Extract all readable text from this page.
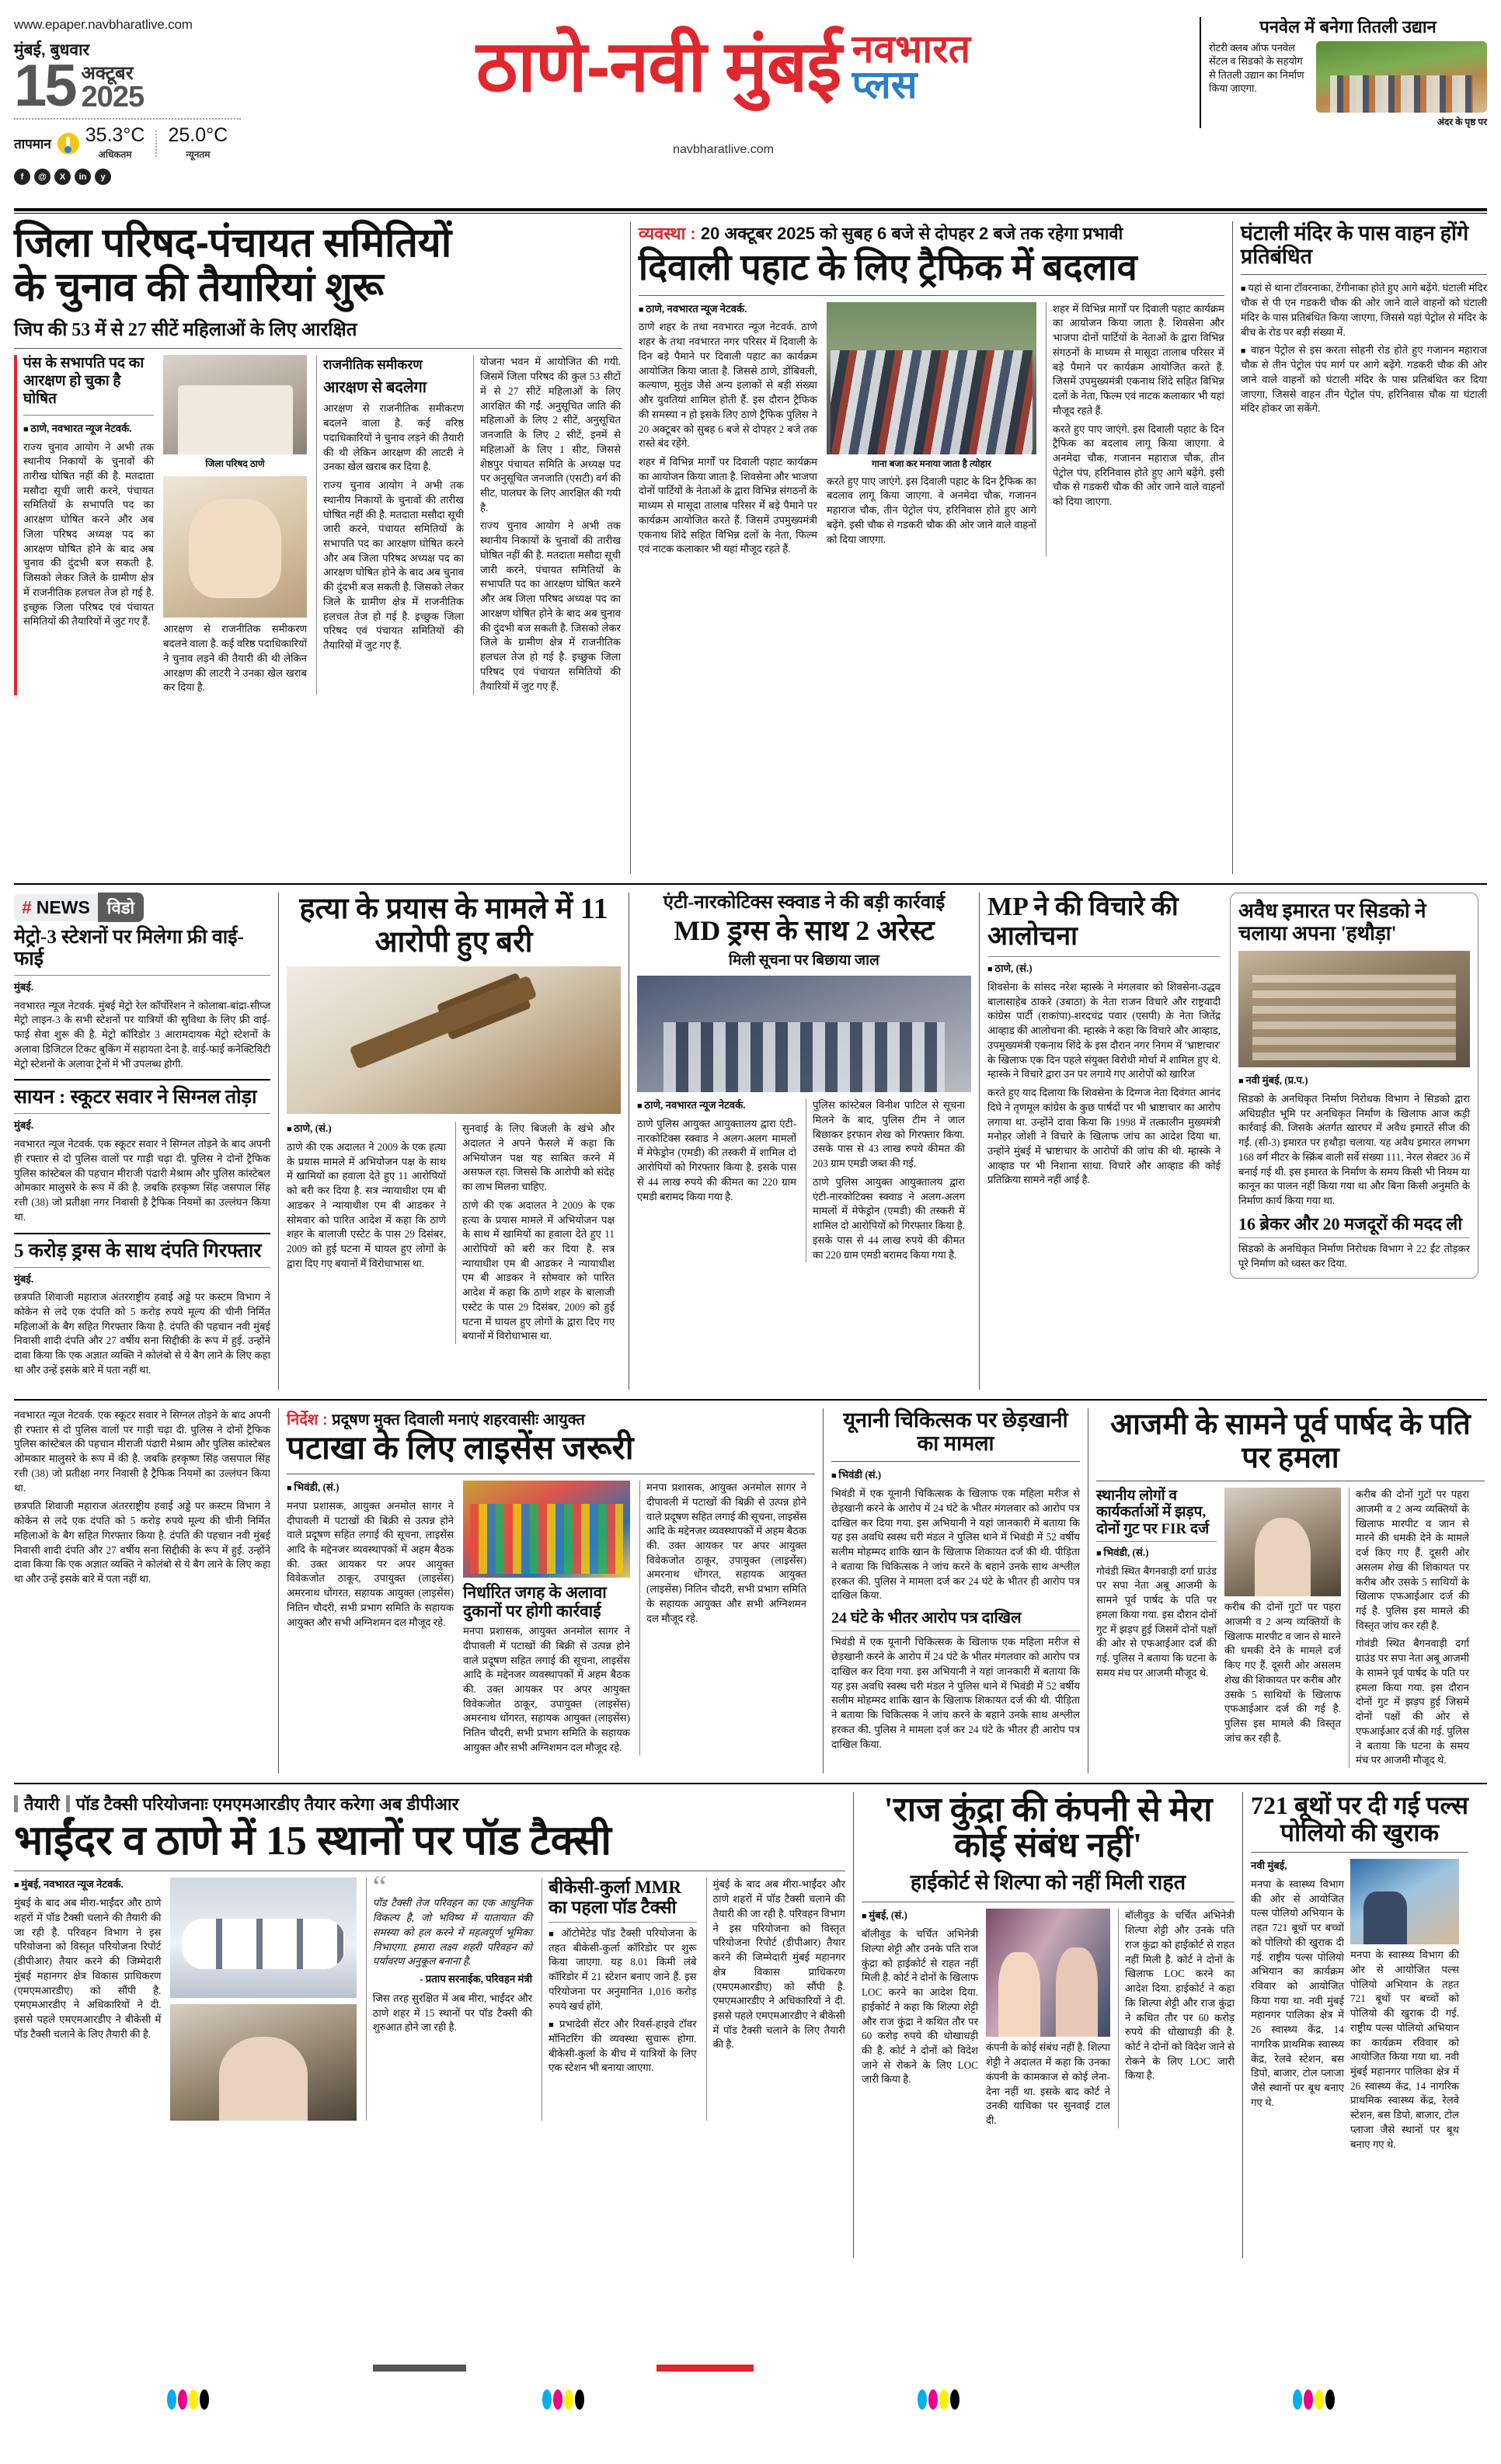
www.epaper.navbharatlive.com
मुंबई, बुधवार
15 अक्टूबर
2025
तापमान 35.3°C
अधिकतम
25.0°C
न्यूनतम
f	@	X	in	y
ठाणे-नवी मुंबई नवभारत
प्लस
navbharatlive.com
पनवेल में बनेगा तितली उद्यान
रोटरी क्लब ऑफ पनवेल सेंटल व सिडको के सहयोग से तितली उद्यान का निर्माण किया जाएगा.
अंदर के पृष्ठ पर
जिला परिषद-पंचायत समितियों
के चुनाव की तैयारियां शुरू
जिप की 53 में से 27 सीटें महिलाओं के लिए आरक्षित
पंस के सभापति पद का आरक्षण हो चुका है घोषित

■ ठाणे, नवभारत न्यूज नेटवर्क.

राज्य चुनाव आयोग ने अभी तक स्थानीय निकायों के चुनावों की तारीख घोषित नहीं की है. मतदाता मसौदा सूची जारी करने, पंचायत समितियों के सभापति पद का आरक्षण घोषित करने और अब जिला परिषद अध्यक्ष पद का आरक्षण घोषित होने के बाद अब चुनाव की दुंदभी बज सकती है. जिसको लेकर जिले के ग्रामीण क्षेत्र में राजनीतिक हलचल तेज हो गई है. इच्छुक जिला परिषद एवं पंचायत समितियों की तैयारियों में जुट गए हैं.

जिला परिषद ठाणे

आरक्षण से राजनीतिक समीकरण बदलने वाला है. कई वरिष्ठ पदाधिकारियों ने चुनाव लड़ने की तैयारी की थी लेकिन आरक्षण की लाटरी ने उनका खेल खराब कर दिया है.

राजनीतिक समीकरण
आरक्षण से बदलेगा

आरक्षण से राजनीतिक समीकरण बदलने वाला है. कई वरिष्ठ पदाधिकारियों ने चुनाव लड़ने की तैयारी की थी लेकिन आरक्षण की लाटरी ने उनका खेल खराब कर दिया है.

राज्य चुनाव आयोग ने अभी तक स्थानीय निकायों के चुनावों की तारीख घोषित नहीं की है. मतदाता मसौदा सूची जारी करने, पंचायत समितियों के सभापति पद का आरक्षण घोषित करने और अब जिला परिषद अध्यक्ष पद का आरक्षण घोषित होने के बाद अब चुनाव की दुंदभी बज सकती है. जिसको लेकर जिले के ग्रामीण क्षेत्र में राजनीतिक हलचल तेज हो गई है. इच्छुक जिला परिषद एवं पंचायत समितियों की तैयारियों में जुट गए हैं.

योजना भवन में आयोजित की गयी. जिसमें जिला परिषद की कुल 53 सीटों में से 27 सीटें महिलाओं के लिए आरक्षित की गईं. अनुसूचित जाति की महिलाओं के लिए 2 सीटें, अनुसूचित जनजाति के लिए 2 सीटें, इनमें से महिलाओं के लिए 1 सीट, जिससे शेष्ठपुर पंचायत समिति के अध्यक्ष पद पर अनुसूचित जनजाति (एसटी) वर्ग की सीट, पालघर के लिए आरक्षित की गयी है.

राज्य चुनाव आयोग ने अभी तक स्थानीय निकायों के चुनावों की तारीख घोषित नहीं की है. मतदाता मसौदा सूची जारी करने, पंचायत समितियों के सभापति पद का आरक्षण घोषित करने और अब जिला परिषद अध्यक्ष पद का आरक्षण घोषित होने के बाद अब चुनाव की दुंदभी बज सकती है. जिसको लेकर जिले के ग्रामीण क्षेत्र में राजनीतिक हलचल तेज हो गई है. इच्छुक जिला परिषद एवं पंचायत समितियों की तैयारियों में जुट गए हैं.

व्यवस्था : 20 अक्टूबर 2025 को सुबह 6 बजे से दोपहर 2 बजे तक रहेगा प्रभावी
दिवाली पहाट के लिए ट्रैफिक में बदलाव

■ ठाणे, नवभारत न्यूज नेटवर्क.

ठाणे शहर के तथा नवभारत न्यूज नेटवर्क. ठाणे शहर के तथा नवभारत नगर परिसर में दिवाली के दिन बड़े पैमाने पर दिवाली पहाट का कार्यक्रम आयोजित किया जाता है. जिससे ठाणे, डोंबिवली, कल्याण, मुलुंड जैसे अन्य इलाकों से बड़ी संख्या और युवतियां शामिल होती हैं. इस दौरान ट्रैफिक की समस्या न हो इसके लिए ठाणे ट्रैफिक पुलिस ने 20 अक्टूबर को सुबह 6 बजे से दोपहर 2 बजे तक रास्ते बंद रहेंगे.

शहर में विभिन्न मार्गों पर दिवाली पहाट कार्यक्रम का आयोजन किया जाता है. शिवसेना और भाजपा दोनों पार्टियों के नेताओं के द्वारा विभिन्न संगठनों के माध्यम से मासूदा तालाब परिसर में बड़े पैमाने पर कार्यक्रम आयोजित करते हैं. जिसमें उपमुख्यमंत्री एकनाथ शिंदे सहित विभिन्न दलों के नेता, फिल्म एवं नाटक कलाकार भी यहां मौजूद रहते हैं.

गाना बजा कर मनाया जाता है त्योहार

करते हुए पाए जाएंगे. इस दिवाली पहाट के दिन ट्रैफिक का बदलाव लागू किया जाएगा. वे अनमेदा चौक, गजानन महाराज चौक, तीन पेट्रोल पंप, हरिनिवास होते हुए आगे बढ़ेंगे. इसी चौक से गडकरी चौक की ओर जाने वाले वाहनों को दिया जाएगा.

शहर में विभिन्न मार्गों पर दिवाली पहाट कार्यक्रम का आयोजन किया जाता है. शिवसेना और भाजपा दोनों पार्टियों के नेताओं के द्वारा विभिन्न संगठनों के माध्यम से मासूदा तालाब परिसर में बड़े पैमाने पर कार्यक्रम आयोजित करते हैं. जिसमें उपमुख्यमंत्री एकनाथ शिंदे सहित विभिन्न दलों के नेता, फिल्म एवं नाटक कलाकार भी यहां मौजूद रहते हैं.

करते हुए पाए जाएंगे. इस दिवाली पहाट के दिन ट्रैफिक का बदलाव लागू किया जाएगा. वे अनमेदा चौक, गजानन महाराज चौक, तीन पेट्रोल पंप, हरिनिवास होते हुए आगे बढ़ेंगे. इसी चौक से गडकरी चौक की ओर जाने वाले वाहनों को दिया जाएगा.

घंटाली मंदिर के पास वाहन होंगे प्रतिबंधित

■ यहां से थाना टॉवरनाका, टेंगीनाका होते हुए आगे बढ़ेंगे. घंटाली मंदिर चौक से पी एन गडकरी चौक की ओर जाने वाले वाहनों को घंटाली मंदिर के पास प्रतिबंधित किया जाएगा, जिससे यहां पेट्रोल से मंदिर के बीच के रोड पर बड़ी संख्या में.

■ वाहन पेट्रोल से इस करता सोहनी रोड होते हुए गजानन महाराज चौक से तीन पेट्रोल पंप मार्ग पर आगे बढ़ेंगे. गडकरी चौक की ओर जाने वाले वाहनों को घंटाली मंदिर के पास प्रतिबंधित कर दिया जाएगा, जिससे वाहन तीन पेट्रोल पंप, हरिनिवास चौक या घंटाली मंदिर होकर जा सकेंगे.

# NEWS	विडो
मेट्रो-3 स्टेशनों पर मिलेगा फ्री वाई-फाई

मुंबई.

नवभारत न्यूज नेटवर्क. मुंबई मेट्रो रेल कॉर्पोरेशन ने कोलाबा-बांद्रा-सीप्ज मेट्रो लाइन-3 के सभी स्टेशनों पर यात्रियों की सुविधा के लिए फ्री वाई-फाई सेवा शुरू की है. मेट्रो कॉरिडोर 3 आरामदायक मेट्रो स्टेशनों के अलावा डिजिटल टिकट बुकिंग में सहायता देना है. वाई-फाई कनेक्टिविटी मेट्रो स्टेशनों के अलावा ट्रेनों में भी उपलब्ध होगी.

सायन : स्कूटर सवार ने सिग्नल तोड़ा

मुंबई.

नवभारत न्यूज नेटवर्क. एक स्कूटर सवार ने सिग्नल तोड़ने के बाद अपनी ही रफ्तार से दो पुलिस वालों पर गाड़ी चढ़ा दी. पुलिस ने दोनों ट्रैफिक पुलिस कांस्टेबल की पहचान मीराजी पंढारी मेश्राम और पुलिस कांस्टेबल ओमकार मालुसरे के रूप में की है. जबकि हरकृष्ण सिंह जसपाल सिंह रत्ती (38) जो प्रतीक्षा नगर निवासी है ट्रैफिक नियमों का उल्लंघन किया था.

5 करोड़ ड्रग्स के साथ दंपति गिरफ्तार

मुंबई.

छत्रपति शिवाजी महाराज अंतरराष्ट्रीय हवाई अड्डे पर कस्टम विभाग ने कोकेन से लदे एक दंपति को 5 करोड़ रुपये मूल्य की चीनी निर्मित महिलाओं के बैग सहित गिरफ्तार किया है. दंपति की पहचान नवी मुंबई निवासी शादी दंपति और 27 वर्षीय सना सिद्दीकी के रूप में हुई. उन्होंने दावा किया कि एक अज्ञात व्यक्ति ने कोलंबो से ये बैग लाने के लिए कहा था और उन्हें इसके बारे में पता नहीं था.

हत्या के प्रयास के मामले में 11 आरोपी हुए बरी

■ ठाणे, (सं.)

ठाणे की एक अदालत ने 2009 के एक हत्या के प्रयास मामले में अभियोजन पक्ष के साथ में खामियों का हवाला देते हुए 11 आरोपियों को बरी कर दिया है. सत्र न्यायाधीश एम बी आडकर ने न्यायाधीश एम बी आडकर ने सोमवार को पारित आदेश में कहा कि ठाणे शहर के बालाजी एस्टेट के पास 29 दिसंबर, 2009 को हुई घटना में घायल हुए लोगों के द्वारा दिए गए बयानों में विरोधाभास था.

सुनवाई के लिए बिजली के खंभे और अदालत ने अपने फैसले में कहा कि अभियोजन पक्ष यह साबित करने में असफल रहा. जिससे कि आरोपी को संदेह का लाभ मिलना चाहिए.

ठाणे की एक अदालत ने 2009 के एक हत्या के प्रयास मामले में अभियोजन पक्ष के साथ में खामियों का हवाला देते हुए 11 आरोपियों को बरी कर दिया है. सत्र न्यायाधीश एम बी आडकर ने न्यायाधीश एम बी आडकर ने सोमवार को पारित आदेश में कहा कि ठाणे शहर के बालाजी एस्टेट के पास 29 दिसंबर, 2009 को हुई घटना में घायल हुए लोगों के द्वारा दिए गए बयानों में विरोधाभास था.

एंटी-नारकोटिक्स स्क्वाड ने की बड़ी कार्रवाई
MD ड्रग्स के साथ 2 अरेस्ट
मिली सूचना पर बिछाया जाल

■ ठाणे, नवभारत न्यूज नेटवर्क.

ठाणे पुलिस आयुक्त आयुक्तालय द्वारा एंटी-नारकोटिक्स स्क्वाड ने अलग-अलग मामलों में मेफेड्रोन (एमडी) की तस्करी में शामिल दो आरोपियों को गिरफ्तार किया है. इसके पास से 44 लाख रुपये की कीमत का 220 ग्राम एमडी बरामद किया गया है.

पुलिस कांस्टेबल विनीश पाटिल से सूचना मिलने के बाद, पुलिस टीम ने जाल बिछाकर इरफान शेख को गिरफ्तार किया. उसके पास से 43 लाख रुपये कीमत की 203 ग्राम एमडी जब्त की गई.

ठाणे पुलिस आयुक्त आयुक्तालय द्वारा एंटी-नारकोटिक्स स्क्वाड ने अलग-अलग मामलों में मेफेड्रोन (एमडी) की तस्करी में शामिल दो आरोपियों को गिरफ्तार किया है. इसके पास से 44 लाख रुपये की कीमत का 220 ग्राम एमडी बरामद किया गया है.

MP ने की विचारे की आलोचना

■ ठाणे, (सं.)

शिवसेना के सांसद नरेश म्हास्के ने मंगलवार को शिवसेना-उद्धव बालासाहेब ठाकरे (उबाठा) के नेता राजन विचारे और राष्ट्रवादी कांग्रेस पार्टी (राकांपा)-शरदचंद्र पवार (एसपी) के नेता जितेंद्र आव्हाड की आलोचना की. म्हास्के ने कहा कि विचारे और आव्हाड, उपमुख्यमंत्री एकनाथ शिंदे के इस दौरान नगर निगम में 'भ्राष्टाचार' के खिलाफ एक दिन पहले संयुक्त विरोधी मोर्चा में शामिल हुए थे. म्हास्के ने विचारे द्वारा उन पर लगाये गए आरोपों को खारिज

करते हुए याद दिलाया कि शिवसेना के दिग्गज नेता दिवंगत आनंद दिघे ने तृणमूल कांग्रेस के कुछ पार्षदों पर भी भ्राष्टाचार का आरोप लगाया था. उन्होंने दावा किया कि 1998 में तत्कालीन मुख्यमंत्री मनोहर जोशी ने विचारे के खिलाफ जांच का आदेश दिया था. उन्होंने मुंबई में भ्राष्टाचार के आरोपों की जांच की थी. म्हास्के ने आव्हाड पर भी निशाना साधा. विचारे और आव्हाड की कोई प्रतिक्रिया सामने नहीं आई है.

अवैध इमारत पर सिडको ने चलाया अपना 'हथौड़ा'

■ नवी मुंबई, (प्र.प.)

सिडको के अनधिकृत निर्माण निरोधक विभाग ने सिडको द्वारा अधिग्रहीत भूमि पर अनधिकृत निर्माण के खिलाफ आज कड़ी कार्रवाई की. जिसके अंतर्गत खारघर में अवैध इमारतें सीज की गईं. (सी-3) इमारत पर हथौड़ा चलाया. यह अवैध इमारत लगभग 168 वर्ग मीटर के स्क्रिंब वाली सर्वे संख्या 111, नेरल सेक्टर 36 में बनाई गई थी. इस इमारत के निर्माण के समय किसी भी नियम या कानून का पालन नहीं किया गया था और बिना किसी अनुमति के निर्माण कार्य किया गया था.

16 ब्रेकर और 20 मजदूरों की मदद ली

सिडको के अनधिकृत निर्माण निरोधक विभाग ने 22 ईंट तोड़कर पूरे निर्माण को ध्वस्त कर दिया.

नवभारत न्यूज नेटवर्क. एक स्कूटर सवार ने सिग्नल तोड़ने के बाद अपनी ही रफ्तार से दो पुलिस वालों पर गाड़ी चढ़ा दी. पुलिस ने दोनों ट्रैफिक पुलिस कांस्टेबल की पहचान मीराजी पंढारी मेश्राम और पुलिस कांस्टेबल ओमकार मालुसरे के रूप में की है. जबकि हरकृष्ण सिंह जसपाल सिंह रत्ती (38) जो प्रतीक्षा नगर निवासी है ट्रैफिक नियमों का उल्लंघन किया था.

छत्रपति शिवाजी महाराज अंतरराष्ट्रीय हवाई अड्डे पर कस्टम विभाग ने कोकेन से लदे एक दंपति को 5 करोड़ रुपये मूल्य की चीनी निर्मित महिलाओं के बैग सहित गिरफ्तार किया है. दंपति की पहचान नवी मुंबई निवासी शादी दंपति और 27 वर्षीय सना सिद्दीकी के रूप में हुई. उन्होंने दावा किया कि एक अज्ञात व्यक्ति ने कोलंबो से ये बैग लाने के लिए कहा था और उन्हें इसके बारे में पता नहीं था.

निर्देश : प्रदूषण मुक्त दिवाली मनाएं शहरवासीः आयुक्त
पटाखा के लिए लाइसेंस जरूरी

■ भिवंडी, (सं.)

मनपा प्रशासक, आयुक्त अनमोल सागर ने दीपावली में पटाखों की बिक्री से उत्पन्न होने वाले प्रदूषण सहित लगाई की सूचना, लाइसेंस आदि के मद्देनजर व्यवस्थापकों में अहम बैठक की. उक्त आयकर पर अपर आयुक्त विवेकजोत ठाकूर, उपायुक्त (लाइसेंस) अमरनाथ धोंगरत, सहायक आयुक्त (लाइसेंस) नितिन चौदरी, सभी प्रभाग समिति के सहायक आयुक्त और सभी अग्निशमन दल मौजूद रहे.

निर्धारित जगह के अलावा दुकानों पर होगी कार्रवाई

मनपा प्रशासक, आयुक्त अनमोल सागर ने दीपावली में पटाखों की बिक्री से उत्पन्न होने वाले प्रदूषण सहित लगाई की सूचना, लाइसेंस आदि के मद्देनजर व्यवस्थापकों में अहम बैठक की. उक्त आयकर पर अपर आयुक्त विवेकजोत ठाकूर, उपायुक्त (लाइसेंस) अमरनाथ धोंगरत, सहायक आयुक्त (लाइसेंस) नितिन चौदरी, सभी प्रभाग समिति के सहायक आयुक्त और सभी अग्निशमन दल मौजूद रहे.

मनपा प्रशासक, आयुक्त अनमोल सागर ने दीपावली में पटाखों की बिक्री से उत्पन्न होने वाले प्रदूषण सहित लगाई की सूचना, लाइसेंस आदि के मद्देनजर व्यवस्थापकों में अहम बैठक की. उक्त आयकर पर अपर आयुक्त विवेकजोत ठाकूर, उपायुक्त (लाइसेंस) अमरनाथ धोंगरत, सहायक आयुक्त (लाइसेंस) नितिन चौदरी, सभी प्रभाग समिति के सहायक आयुक्त और सभी अग्निशमन दल मौजूद रहे.

यूनानी चिकित्सक पर छेड़खानी का मामला

■ भिवंडी (सं.)

भिवंडी में एक यूनानी चिकित्सक के खिलाफ एक महिला मरीज से छेड़खानी करने के आरोप में 24 घंटे के भीतर मंगलवार को आरोप पत्र दाखिल कर दिया गया. इस अभियानी ने यहां जानकारी में बताया कि यह इस अवधि स्वस्थ चरी मंडल ने पुलिस थाने में भिवंडी में 52 वर्षीय सलीम मोहम्मद शाकि खान के खिलाफ शिकायत दर्ज की थी. पीड़िता ने बताया कि चिकित्सक ने जांच करने के बहाने उनके साथ अश्लील हरकत की. पुलिस ने मामला दर्ज कर 24 घंटे के भीतर ही आरोप पत्र दाखिल किया.

24 घंटे के भीतर आरोप पत्र दाखिल

भिवंडी में एक यूनानी चिकित्सक के खिलाफ एक महिला मरीज से छेड़खानी करने के आरोप में 24 घंटे के भीतर मंगलवार को आरोप पत्र दाखिल कर दिया गया. इस अभियानी ने यहां जानकारी में बताया कि यह इस अवधि स्वस्थ चरी मंडल ने पुलिस थाने में भिवंडी में 52 वर्षीय सलीम मोहम्मद शाकि खान के खिलाफ शिकायत दर्ज की थी. पीड़िता ने बताया कि चिकित्सक ने जांच करने के बहाने उनके साथ अश्लील हरकत की. पुलिस ने मामला दर्ज कर 24 घंटे के भीतर ही आरोप पत्र दाखिल किया.

आजमी के सामने पूर्व पार्षद के पति पर हमला
स्थानीय लोगों व कार्यकर्ताओं में झड़प, दोनों गुट पर FIR दर्ज

■ भिवंडी, (सं.)

गोवंडी स्थित बैगनवाड़ी दर्गा ग्राउंड पर सपा नेता अबू आजमी के सामने पूर्व पार्षद के पति पर हमला किया गया. इस दौरान दोनों गुट में झड़प हुई जिसमें दोनों पक्षों की ओर से एफआईआर दर्ज की गई. पुलिस ने बताया कि घटना के समय मंच पर आजमी मौजूद थे.

करीब की दोनों गुटों पर पहरा आजमी व 2 अन्य व्यक्तियों के खिलाफ मारपीट व जान से मारने की धमकी देने के मामले दर्ज किए गए हैं. दूसरी ओर असलम शेख की शिकायत पर करीब और उसके 5 साथियों के खिलाफ एफआईआर दर्ज की गई है. पुलिस इस मामले की विस्तृत जांच कर रही है.

करीब की दोनों गुटों पर पहरा आजमी व 2 अन्य व्यक्तियों के खिलाफ मारपीट व जान से मारने की धमकी देने के मामले दर्ज किए गए हैं. दूसरी ओर असलम शेख की शिकायत पर करीब और उसके 5 साथियों के खिलाफ एफआईआर दर्ज की गई है. पुलिस इस मामले की विस्तृत जांच कर रही है.

गोवंडी स्थित बैगनवाड़ी दर्गा ग्राउंड पर सपा नेता अबू आजमी के सामने पूर्व पार्षद के पति पर हमला किया गया. इस दौरान दोनों गुट में झड़प हुई जिसमें दोनों पक्षों की ओर से एफआईआर दर्ज की गई. पुलिस ने बताया कि घटना के समय मंच पर आजमी मौजूद थे.

तैयारी पॉड टैक्सी परियोजनाः एमएमआरडीए तैयार करेगा अब डीपीआर
भाईंदर व ठाणे में 15 स्थानों पर पॉड टैक्सी

■ मुंबई, नवभारत न्यूज नेटवर्क.

मुंबई के बाद अब मीरा-भाईंदर और ठाणे शहरों में पॉड टैक्सी चलाने की तैयारी की जा रही है. परिवहन विभाग ने इस परियोजना को विस्तृत परियोजना रिपोर्ट (डीपीआर) तैयार करने की जिम्मेदारी मुंबई महानगर क्षेत्र विकास प्राधिकरण (एमएमआरडीए) को सौंपी है. एमएमआरडीए ने अधिकारियों ने दी. इससे पहले एमएमआरडीए ने बीकेसी में पॉड टैक्सी चलाने के लिए तैयारी की है.

“

पॉड टैक्सी तेज परिवहन का एक आधुनिक विकल्प है, जो भविष्य में यातायात की समस्या को हल करने में महत्वपूर्ण भूमिका निभाएगा. हमारा लक्ष्य शहरी परिवहन को पर्यावरण अनुकूल बनाना है.

- प्रताप सरनाईक, परिवहन मंत्री

जिस तरह सुरक्षित में अब मीरा, भाईंदर और ठाणे शहर में 15 स्थानों पर पॉड टैक्सी की शुरुआत होने जा रही है.

बीकेसी-कुर्ला MMR का पहला पॉड टैक्सी

■ ऑटोमेटेड पॉड टैक्सी परियोजना के तहत बीकेसी-कुर्ला कॉरिडोर पर शुरू किया जाएगा. यह 8.01 किमी लंबे कॉरिडोर में 21 स्टेशन बनाए जाने हैं. इस परियोजना पर अनुमानित 1,016 करोड़ रुपये खर्च होंगे.

■ प्रभादेवी सेंटर और रिवर्स-हाइवे टॉवर मॉनिटरिंग की व्यवस्था सुचारू होगा. बीकेसी-कुर्ला के बीच में यात्रियों के लिए एक स्टेशन भी बनाया जाएगा.

मुंबई के बाद अब मीरा-भाईंदर और ठाणे शहरों में पॉड टैक्सी चलाने की तैयारी की जा रही है. परिवहन विभाग ने इस परियोजना को विस्तृत परियोजना रिपोर्ट (डीपीआर) तैयार करने की जिम्मेदारी मुंबई महानगर क्षेत्र विकास प्राधिकरण (एमएमआरडीए) को सौंपी है. एमएमआरडीए ने अधिकारियों ने दी. इससे पहले एमएमआरडीए ने बीकेसी में पॉड टैक्सी चलाने के लिए तैयारी की है.

'राज कुंद्रा की कंपनी से मेरा कोई संबंध नहीं'
हाईकोर्ट से शिल्पा को नहीं मिली राहत

■ मुंबई, (सं.)

बॉलीवुड के चर्चित अभिनेत्री शिल्पा शेट्टी और उनके पति राज कुंद्रा को हाईकोर्ट से राहत नहीं मिली है. कोर्ट ने दोनों के खिलाफ LOC करने का आदेश दिया. हाईकोर्ट ने कहा कि शिल्पा शेट्टी और राज कुंद्रा ने कथित तौर पर 60 करोड़ रुपये की धोखाधड़ी की है. कोर्ट ने दोनों को विदेश जाने से रोकने के लिए LOC जारी किया है.

कंपनी के कोई संबंध नहीं है. शिल्पा शेट्टी ने अदालत में कहा कि उनका कंपनी के कामकाज से कोई लेना-देना नहीं था. इसके बाद कोर्ट ने उनकी याचिका पर सुनवाई टाल दी.

बॉलीवुड के चर्चित अभिनेत्री शिल्पा शेट्टी और उनके पति राज कुंद्रा को हाईकोर्ट से राहत नहीं मिली है. कोर्ट ने दोनों के खिलाफ LOC करने का आदेश दिया. हाईकोर्ट ने कहा कि शिल्पा शेट्टी और राज कुंद्रा ने कथित तौर पर 60 करोड़ रुपये की धोखाधड़ी की है. कोर्ट ने दोनों को विदेश जाने से रोकने के लिए LOC जारी किया है.

721 बूथों पर दी गई पल्स पोलियो की खुराक

नवी मुंबई,

मनपा के स्वास्थ्य विभाग की ओर से आयोजित पल्स पोलियो अभियान के तहत 721 बूथों पर बच्चों को पोलियो की खुराक दी गई. राष्ट्रीय पल्स पोलियो अभियान का कार्यक्रम रविवार को आयोजित किया गया था. नवी मुंबई महानगर पालिका क्षेत्र में 26 स्वास्थ्य केंद्र, 14 नागरिक प्राथमिक स्वास्थ्य केंद्र, रेलवे स्टेशन, बस डिपो, बाजार, टोल प्लाजा जैसे स्थानों पर बूथ बनाए गए थे.

मनपा के स्वास्थ्य विभाग की ओर से आयोजित पल्स पोलियो अभियान के तहत 721 बूथों पर बच्चों को पोलियो की खुराक दी गई. राष्ट्रीय पल्स पोलियो अभियान का कार्यक्रम रविवार को आयोजित किया गया था. नवी मुंबई महानगर पालिका क्षेत्र में 26 स्वास्थ्य केंद्र, 14 नागरिक प्राथमिक स्वास्थ्य केंद्र, रेलवे स्टेशन, बस डिपो, बाजार, टोल प्लाजा जैसे स्थानों पर बूथ बनाए गए थे.
